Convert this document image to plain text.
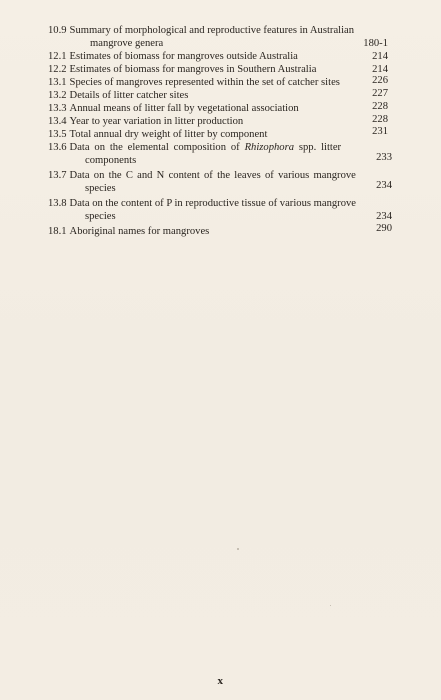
10.9 Summary of morphological and reproductive features in Australian
mangrove genera	180-1
12.1 Estimates of biomass for mangroves outside Australia	214
12.2 Estimates of biomass for mangroves in Southern Australia	214
13.1 Species of mangroves represented within the set of catcher sites	226
13.2 Details of litter catcher sites	227
13.3 Annual means of litter fall by vegetational association	228
13.4 Year to year variation in litter production	228
13.5 Total annual dry weight of litter by component	231
13.6 Data on the elemental composition of Rhizophora spp. litter
components	233
13.7 Data on the C and N content of the leaves of various mangrove
species	234
13.8 Data on the content of P in reproductive tissue of various mangrove
species	234
18.1 Aboriginal names for mangroves	290
x
